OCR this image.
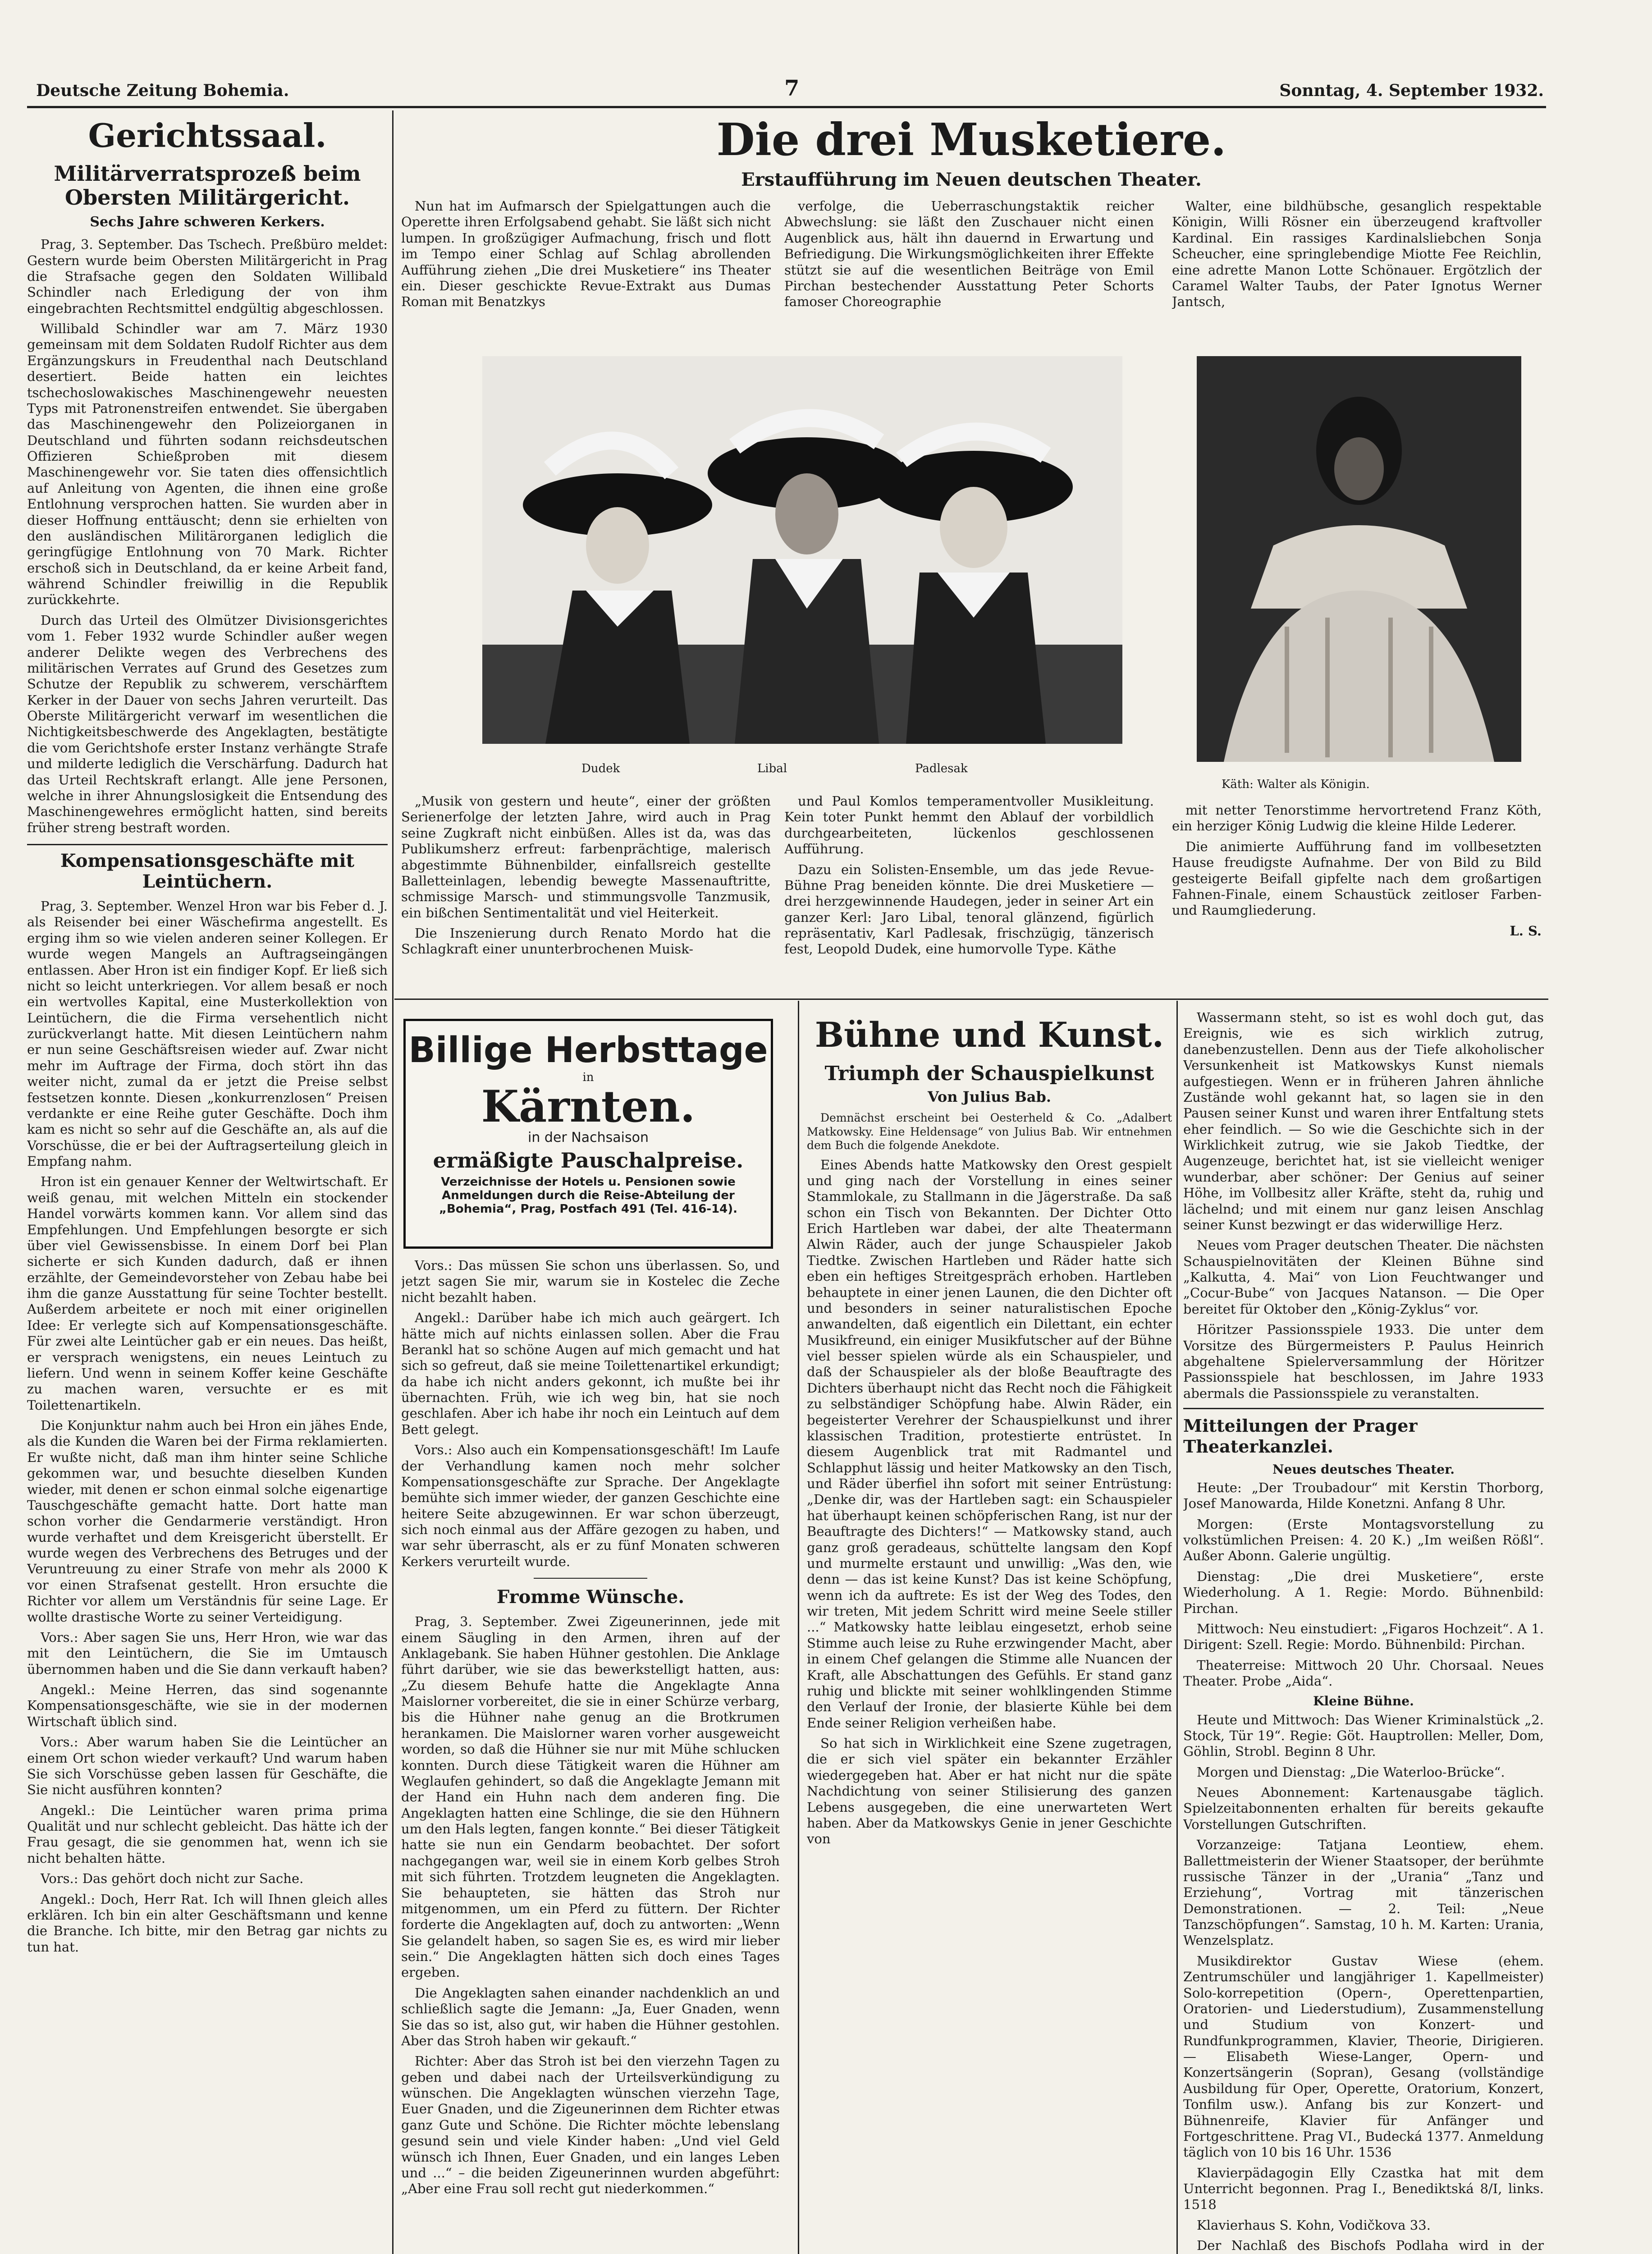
Deutsche Zeitung Bohemia.	7	Sonntag, 4. September 1932.
Gerichtssaal.
Militärverratsprozeß beim Obersten Militärgericht.
Sechs Jahre schweren Kerkers.

Prag, 3. September. Das Tschech. Preßbüro meldet: Gestern wurde beim Obersten Militärgericht in Prag die Strafsache gegen den Soldaten Willibald Schindler nach Erledigung der von ihm eingebrachten Rechtsmittel endgültig abgeschlossen.

Willibald Schindler war am 7. März 1930 gemeinsam mit dem Soldaten Rudolf Richter aus dem Ergänzungskurs in Freudenthal nach Deutschland desertiert. Beide hatten ein leichtes tschechoslowakisches Maschinengewehr neuesten Typs mit Patronenstreifen entwendet. Sie übergaben das Maschinengewehr den Polizeiorganen in Deutschland und führten sodann reichsdeutschen Offizieren Schießproben mit diesem Maschinengewehr vor. Sie taten dies offensichtlich auf Anleitung von Agenten, die ihnen eine große Entlohnung versprochen hatten. Sie wurden aber in dieser Hoffnung enttäuscht; denn sie erhielten von den ausländischen Militärorganen lediglich die geringfügige Entlohnung von 70 Mark. Richter erschoß sich in Deutschland, da er keine Arbeit fand, während Schindler freiwillig in die Republik zurückkehrte.

Durch das Urteil des Olmützer Divisionsgerichtes vom 1. Feber 1932 wurde Schindler außer wegen anderer Delikte wegen des Verbrechens des militärischen Verrates auf Grund des Gesetzes zum Schutze der Republik zu schwerem, verschärftem Kerker in der Dauer von sechs Jahren verurteilt. Das Oberste Militärgericht verwarf im wesentlichen die Nichtigkeitsbeschwerde des Angeklagten, bestätigte die vom Gerichtshofe erster Instanz verhängte Strafe und milderte lediglich die Verschärfung. Dadurch hat das Urteil Rechtskraft erlangt. Alle jene Personen, welche in ihrer Ahnungslosigkeit die Entsendung des Maschinengewehres ermöglicht hatten, sind bereits früher streng bestraft worden.

Kompensationsgeschäfte mit Leintüchern.

Prag, 3. September. Wenzel Hron war bis Feber d. J. als Reisender bei einer Wäschefirma angestellt. Es erging ihm so wie vielen anderen seiner Kollegen. Er wurde wegen Mangels an Auftragseingängen entlassen. Aber Hron ist ein findiger Kopf. Er ließ sich nicht so leicht unterkriegen. Vor allem besaß er noch ein wertvolles Kapital, eine Musterkollektion von Leintüchern, die die Firma versehentlich nicht zurückverlangt hatte. Mit diesen Leintüchern nahm er nun seine Geschäftsreisen wieder auf. Zwar nicht mehr im Auftrage der Firma, doch stört ihn das weiter nicht, zumal da er jetzt die Preise selbst festsetzen konnte. Diesen „konkurrenzlosen“ Preisen verdankte er eine Reihe guter Geschäfte. Doch ihm kam es nicht so sehr auf die Geschäfte an, als auf die Vorschüsse, die er bei der Auftragserteilung gleich in Empfang nahm.

Hron ist ein genauer Kenner der Weltwirtschaft. Er weiß genau, mit welchen Mitteln ein stockender Handel vorwärts kommen kann. Vor allem sind das Empfehlungen. Und Empfehlungen besorgte er sich über viel Gewissensbisse. In einem Dorf bei Plan sicherte er sich Kunden dadurch, daß er ihnen erzählte, der Gemeindevorsteher von Zebau habe bei ihm die ganze Ausstattung für seine Tochter bestellt. Außerdem arbeitete er noch mit einer originellen Idee: Er verlegte sich auf Kompensationsgeschäfte. Für zwei alte Leintücher gab er ein neues. Das heißt, er versprach wenigstens, ein neues Leintuch zu liefern. Und wenn in seinem Koffer keine Geschäfte zu machen waren, versuchte er es mit Toilettenartikeln.

Die Konjunktur nahm auch bei Hron ein jähes Ende, als die Kunden die Waren bei der Firma reklamierten. Er wußte nicht, daß man ihm hinter seine Schliche gekommen war, und besuchte dieselben Kunden wieder, mit denen er schon einmal solche eigenartige Tauschgeschäfte gemacht hatte. Dort hatte man schon vorher die Gendarmerie verständigt. Hron wurde verhaftet und dem Kreisgericht überstellt. Er wurde wegen des Verbrechens des Betruges und der Veruntreuung zu einer Strafe von mehr als 2000 K vor einen Strafsenat gestellt. Hron ersuchte die Richter vor allem um Verständnis für seine Lage. Er wollte drastische Worte zu seiner Verteidigung.

Vors.: Aber sagen Sie uns, Herr Hron, wie war das mit den Leintüchern, die Sie im Umtausch übernommen haben und die Sie dann verkauft haben?

Angekl.: Meine Herren, das sind sogenannte Kompensationsgeschäfte, wie sie in der modernen Wirtschaft üblich sind.

Vors.: Aber warum haben Sie die Leintücher an einem Ort schon wieder verkauft? Und warum haben Sie sich Vorschüsse geben lassen für Geschäfte, die Sie nicht ausführen konnten?

Angekl.: Die Leintücher waren prima prima Qualität und nur schlecht gebleicht. Das hätte ich der Frau gesagt, die sie genommen hat, wenn ich sie nicht behalten hätte.

Vors.: Das gehört doch nicht zur Sache.

Angekl.: Doch, Herr Rat. Ich will Ihnen gleich alles erklären. Ich bin ein alter Geschäftsmann und kenne die Branche. Ich bitte, mir den Betrag gar nichts zu tun hat.

Die drei Musketiere.
Erstaufführung im Neuen deutschen Theater.

Nun hat im Aufmarsch der Spielgattungen auch die Operette ihren Erfolgsabend gehabt. Sie läßt sich nicht lumpen. In großzügiger Aufmachung, frisch und flott im Tempo einer Schlag auf Schlag abrollenden Aufführung ziehen „Die drei Musketiere“ ins Theater ein. Dieser geschickte Revue-Extrakt aus Dumas Roman mit Benatzkys

verfolge, die Ueberraschungstaktik reicher Abwechslung: sie läßt den Zuschauer nicht einen Augenblick aus, hält ihn dauernd in Erwartung und Befriedigung. Die Wirkungsmöglichkeiten ihrer Effekte stützt sie auf die wesentlichen Beiträge von Emil Pirchan bestechender Ausstattung Peter Schorts famoser Choreographie

Walter, eine bildhübsche, gesanglich respektable Königin, Willi Rösner ein überzeugend kraftvoller Kardinal. Ein rassiges Kardinalsliebchen Sonja Scheucher, eine springlebendige Miotte Fee Reichlin, eine adrette Manon Lotte Schönauer. Ergötzlich der Caramel Walter Taubs, der Pater Ignotus Werner Jantsch,

Dudek	Libal	Padlesak
Käth: Walter als Königin.

„Musik von gestern und heute“, einer der größten Serienerfolge der letzten Jahre, wird auch in Prag seine Zugkraft nicht einbüßen. Alles ist da, was das Publikumsherz erfreut: farbenprächtige, malerisch abgestimmte Bühnenbilder, einfallsreich gestellte Balletteinlagen, lebendig bewegte Massenauftritte, schmissige Marsch- und stimmungsvolle Tanzmusik, ein bißchen Sentimentalität und viel Heiterkeit.

Die Inszenierung durch Renato Mordo hat die Schlagkraft einer ununterbrochenen Muisk-

und Paul Komlos temperamentvoller Musikleitung. Kein toter Punkt hemmt den Ablauf der vorbildlich durchgearbeiteten, lückenlos geschlossenen Aufführung.

Dazu ein Solisten-Ensemble, um das jede Revue-Bühne Prag beneiden könnte. Die drei Musketiere — drei herzgewinnende Haudegen, jeder in seiner Art ein ganzer Kerl: Jaro Libal, tenoral glänzend, figürlich repräsentativ, Karl Padlesak, frischzügig, tänzerisch fest, Leopold Dudek, eine humorvolle Type. Käthe

mit netter Tenorstimme hervortretend Franz Köth, ein herziger König Ludwig die kleine Hilde Lederer.

Die animierte Aufführung fand im vollbesetzten Hause freudigste Aufnahme. Der von Bild zu Bild gesteigerte Beifall gipfelte nach dem großartigen Fahnen-Finale, einem Schaustück zeitloser Farben- und Raumgliederung.

L. S.
Billige Herbsttage
in
Kärnten.
in der Nachsaison
ermäßigte Pauschalpreise.
Verzeichnisse der Hotels u. Pensionen sowie Anmeldungen durch die Reise-Abteilung der „Bohemia“, Prag, Postfach 491 (Tel. 416-14).

Vors.: Das müssen Sie schon uns überlassen. So, und jetzt sagen Sie mir, warum sie in Kostelec die Zeche nicht bezahlt haben.

Angekl.: Darüber habe ich mich auch geärgert. Ich hätte mich auf nichts einlassen sollen. Aber die Frau Berankl hat so schöne Augen auf mich gemacht und hat sich so gefreut, daß sie meine Toilettenartikel erkundigt; da habe ich nicht anders gekonnt, ich mußte bei ihr übernachten. Früh, wie ich weg bin, hat sie noch geschlafen. Aber ich habe ihr noch ein Leintuch auf dem Bett gelegt.

Vors.: Also auch ein Kompensationsgeschäft! Im Laufe der Verhandlung kamen noch mehr solcher Kompensationsgeschäfte zur Sprache. Der Angeklagte bemühte sich immer wieder, der ganzen Geschichte eine heitere Seite abzugewinnen. Er war schon überzeugt, sich noch einmal aus der Affäre gezogen zu haben, und war sehr überrascht, als er zu fünf Monaten schweren Kerkers verurteilt wurde.

Fromme Wünsche.

Prag, 3. September. Zwei Zigeunerinnen, jede mit einem Säugling in den Armen, ihren auf der Anklagebank. Sie haben Hühner gestohlen. Die Anklage führt darüber, wie sie das bewerkstelligt hatten, aus: „Zu diesem Behufe hatte die Angeklagte Anna Maislorner vorbereitet, die sie in einer Schürze verbarg, bis die Hühner nahe genug an die Brotkrumen herankamen. Die Maislorner waren vorher ausgeweicht worden, so daß die Hühner sie nur mit Mühe schlucken konnten. Durch diese Tätigkeit waren die Hühner am Weglaufen gehindert, so daß die Angeklagte Jemann mit der Hand ein Huhn nach dem anderen fing. Die Angeklagten hatten eine Schlinge, die sie den Hühnern um den Hals legten, fangen konnte.“ Bei dieser Tätigkeit hatte sie nun ein Gendarm beobachtet. Der sofort nachgegangen war, weil sie in einem Korb gelbes Stroh mit sich führten. Trotzdem leugneten die Angeklagten. Sie behaupteten, sie hätten das Stroh nur mitgenommen, um ein Pferd zu füttern. Der Richter forderte die Angeklagten auf, doch zu antworten: „Wenn Sie gelandelt haben, so sagen Sie es, es wird mir lieber sein.“ Die Angeklagten hätten sich doch eines Tages ergeben.

Die Angeklagten sahen einander nachdenklich an und schließlich sagte die Jemann: „Ja, Euer Gnaden, wenn Sie das so ist, also gut, wir haben die Hühner gestohlen. Aber das Stroh haben wir gekauft.“

Richter: Aber das Stroh ist bei den vierzehn Tagen zu geben und dabei nach der Urteilsverkündigung zu wünschen. Die Angeklagten wünschen vierzehn Tage, Euer Gnaden, und die Zigeunerinnen dem Richter etwas ganz Gute und Schöne. Die Richter möchte lebenslang gesund sein und viele Kinder haben: „Und viel Geld wünsch ich Ihnen, Euer Gnaden, und ein langes Leben und ...“ – die beiden Zigeunerinnen wurden abgeführt: „Aber eine Frau soll recht gut niederkommen.“

Bühne und Kunst.
Triumph der Schauspielkunst
Von Julius Bab.

Demnächst erscheint bei Oesterheld & Co. „Adalbert Matkowsky. Eine Heldensage“ von Julius Bab. Wir entnehmen dem Buch die folgende Anekdote.

Eines Abends hatte Matkowsky den Orest gespielt und ging nach der Vorstellung in eines seiner Stammlokale, zu Stallmann in die Jägerstraße. Da saß schon ein Tisch von Bekannten. Der Dichter Otto Erich Hartleben war dabei, der alte Theatermann Alwin Räder, auch der junge Schauspieler Jakob Tiedtke. Zwischen Hartleben und Räder hatte sich eben ein heftiges Streitgespräch erhoben. Hartleben behauptete in einer jenen Launen, die den Dichter oft und besonders in seiner naturalistischen Epoche anwandelten, daß eigentlich ein Dilettant, ein echter Musikfreund, ein einiger Musikfutscher auf der Bühne viel besser spielen würde als ein Schauspieler, und daß der Schauspieler als der bloße Beauftragte des Dichters überhaupt nicht das Recht noch die Fähigkeit zu selbständiger Schöpfung habe. Alwin Räder, ein begeisterter Verehrer der Schauspielkunst und ihrer klassischen Tradition, protestierte entrüstet. In diesem Augenblick trat mit Radmantel und Schlapphut lässig und heiter Matkowsky an den Tisch, und Räder überfiel ihn sofort mit seiner Entrüstung: „Denke dir, was der Hartleben sagt: ein Schauspieler hat überhaupt keinen schöpferischen Rang, ist nur der Beauftragte des Dichters!“ — Matkowsky stand, auch ganz groß geradeaus, schüttelte langsam den Kopf und murmelte erstaunt und unwillig: „Was den, wie denn — das ist keine Kunst? Das ist keine Schöpfung, wenn ich da auftrete: Es ist der Weg des Todes, den wir treten, Mit jedem Schritt wird meine Seele stiller ...“ Matkowsky hatte leiblau eingesetzt, erhob seine Stimme auch leise zu Ruhe erzwingender Macht, aber in einem Chef gelangen die Stimme alle Nuancen der Kraft, alle Abschattungen des Gefühls. Er stand ganz ruhig und blickte mit seiner wohlklingenden Stimme den Verlauf der Ironie, der blasierte Kühle bei dem Ende seiner Religion verheißen habe.

So hat sich in Wirklichkeit eine Szene zugetragen, die er sich viel später ein bekannter Erzähler wiedergegeben hat. Aber er hat nicht nur die späte Nachdichtung von seiner Stilisierung des ganzen Lebens ausgegeben, die eine unerwarteten Wert haben. Aber da Matkowskys Genie in jener Geschichte von

Wassermann steht, so ist es wohl doch gut, das Ereignis, wie es sich wirklich zutrug, danebenzustellen. Denn aus der Tiefe alkoholischer Versunkenheit ist Matkowskys Kunst niemals aufgestiegen. Wenn er in früheren Jahren ähnliche Zustände wohl gekannt hat, so lagen sie in den Pausen seiner Kunst und waren ihrer Entfaltung stets eher feindlich. — So wie die Geschichte sich in der Wirklichkeit zutrug, wie sie Jakob Tiedtke, der Augenzeuge, berichtet hat, ist sie vielleicht weniger wunderbar, aber schöner: Der Genius auf seiner Höhe, im Vollbesitz aller Kräfte, steht da, ruhig und lächelnd; und mit einem nur ganz leisen Anschlag seiner Kunst bezwingt er das widerwillige Herz.

Neues vom Prager deutschen Theater. Die nächsten Schauspielnovitäten der Kleinen Bühne sind „Kalkutta, 4. Mai“ von Lion Feuchtwanger und „Cocur-Bube“ von Jacques Natanson. — Die Oper bereitet für Oktober den „König-Zyklus“ vor.

Höritzer Passionsspiele 1933. Die unter dem Vorsitze des Bürgermeisters P. Paulus Heinrich abgehaltene Spielerversammlung der Höritzer Passionsspiele hat beschlossen, im Jahre 1933 abermals die Passionsspiele zu veranstalten.

Mitteilungen der Prager Theaterkanzlei.
Neues deutsches Theater.

Heute: „Der Troubadour“ mit Kerstin Thorborg, Josef Manowarda, Hilde Konetzni. Anfang 8 Uhr.

Morgen: (Erste Montagsvorstellung zu volkstümlichen Preisen: 4. 20 K.) „Im weißen Rößl“. Außer Abonn. Galerie ungültig.

Dienstag: „Die drei Musketiere“, erste Wiederholung. A 1. Regie: Mordo. Bühnenbild: Pirchan.

Mittwoch: Neu einstudiert: „Figaros Hochzeit“. A 1. Dirigent: Szell. Regie: Mordo. Bühnenbild: Pirchan.

Theaterreise: Mittwoch 20 Uhr. Chorsaal. Neues Theater. Probe „Aida“.

Kleine Bühne.

Heute und Mittwoch: Das Wiener Kriminalstück „2. Stock, Tür 19“. Regie: Göt. Hauptrollen: Meller, Dom, Göhlin, Strobl. Beginn 8 Uhr.

Morgen und Dienstag: „Die Waterloo-Brücke“.

Neues Abonnement: Kartenausgabe täglich. Spielzeitabonnenten erhalten für bereits gekaufte Vorstellungen Gutschriften.

Vorzanzeige: Tatjana Leontiew, ehem. Ballettmeisterin der Wiener Staatsoper, der berühmte russische Tänzer in der „Urania“ „Tanz und Erziehung“, Vortrag mit tänzerischen Demonstrationen. — 2. Teil: „Neue Tanzschöpfungen“. Samstag, 10 h. M. Karten: Urania, Wenzelsplatz.

Musikdirektor Gustav Wiese (ehem. Zentrumschüler und langjähriger 1. Kapellmeister) Solo-korrepetition (Opern-, Operettenpartien, Oratorien- und Liederstudium), Zusammenstellung und Studium von Konzert- und Rundfunkprogrammen, Klavier, Theorie, Dirigieren. — Elisabeth Wiese-Langer, Opern- und Konzertsängerin (Sopran), Gesang (vollständige Ausbildung für Oper, Operette, Oratorium, Konzert, Tonfilm usw.). Anfang bis zur Konzert- und Bühnenreife, Klavier für Anfänger und Fortgeschrittene. Prag VI., Budecká 1377. Anmeldung täglich von 10 bis 16 Uhr. 1536

Klavierpädagogin Elly Czastka hat mit dem Unterricht begonnen. Prag I., Benediktská 8/I, links. 1518

Klavierhaus S. Kohn, Vodičkova 33.

Der Nachlaß des Bischofs Podlaha wird in der
